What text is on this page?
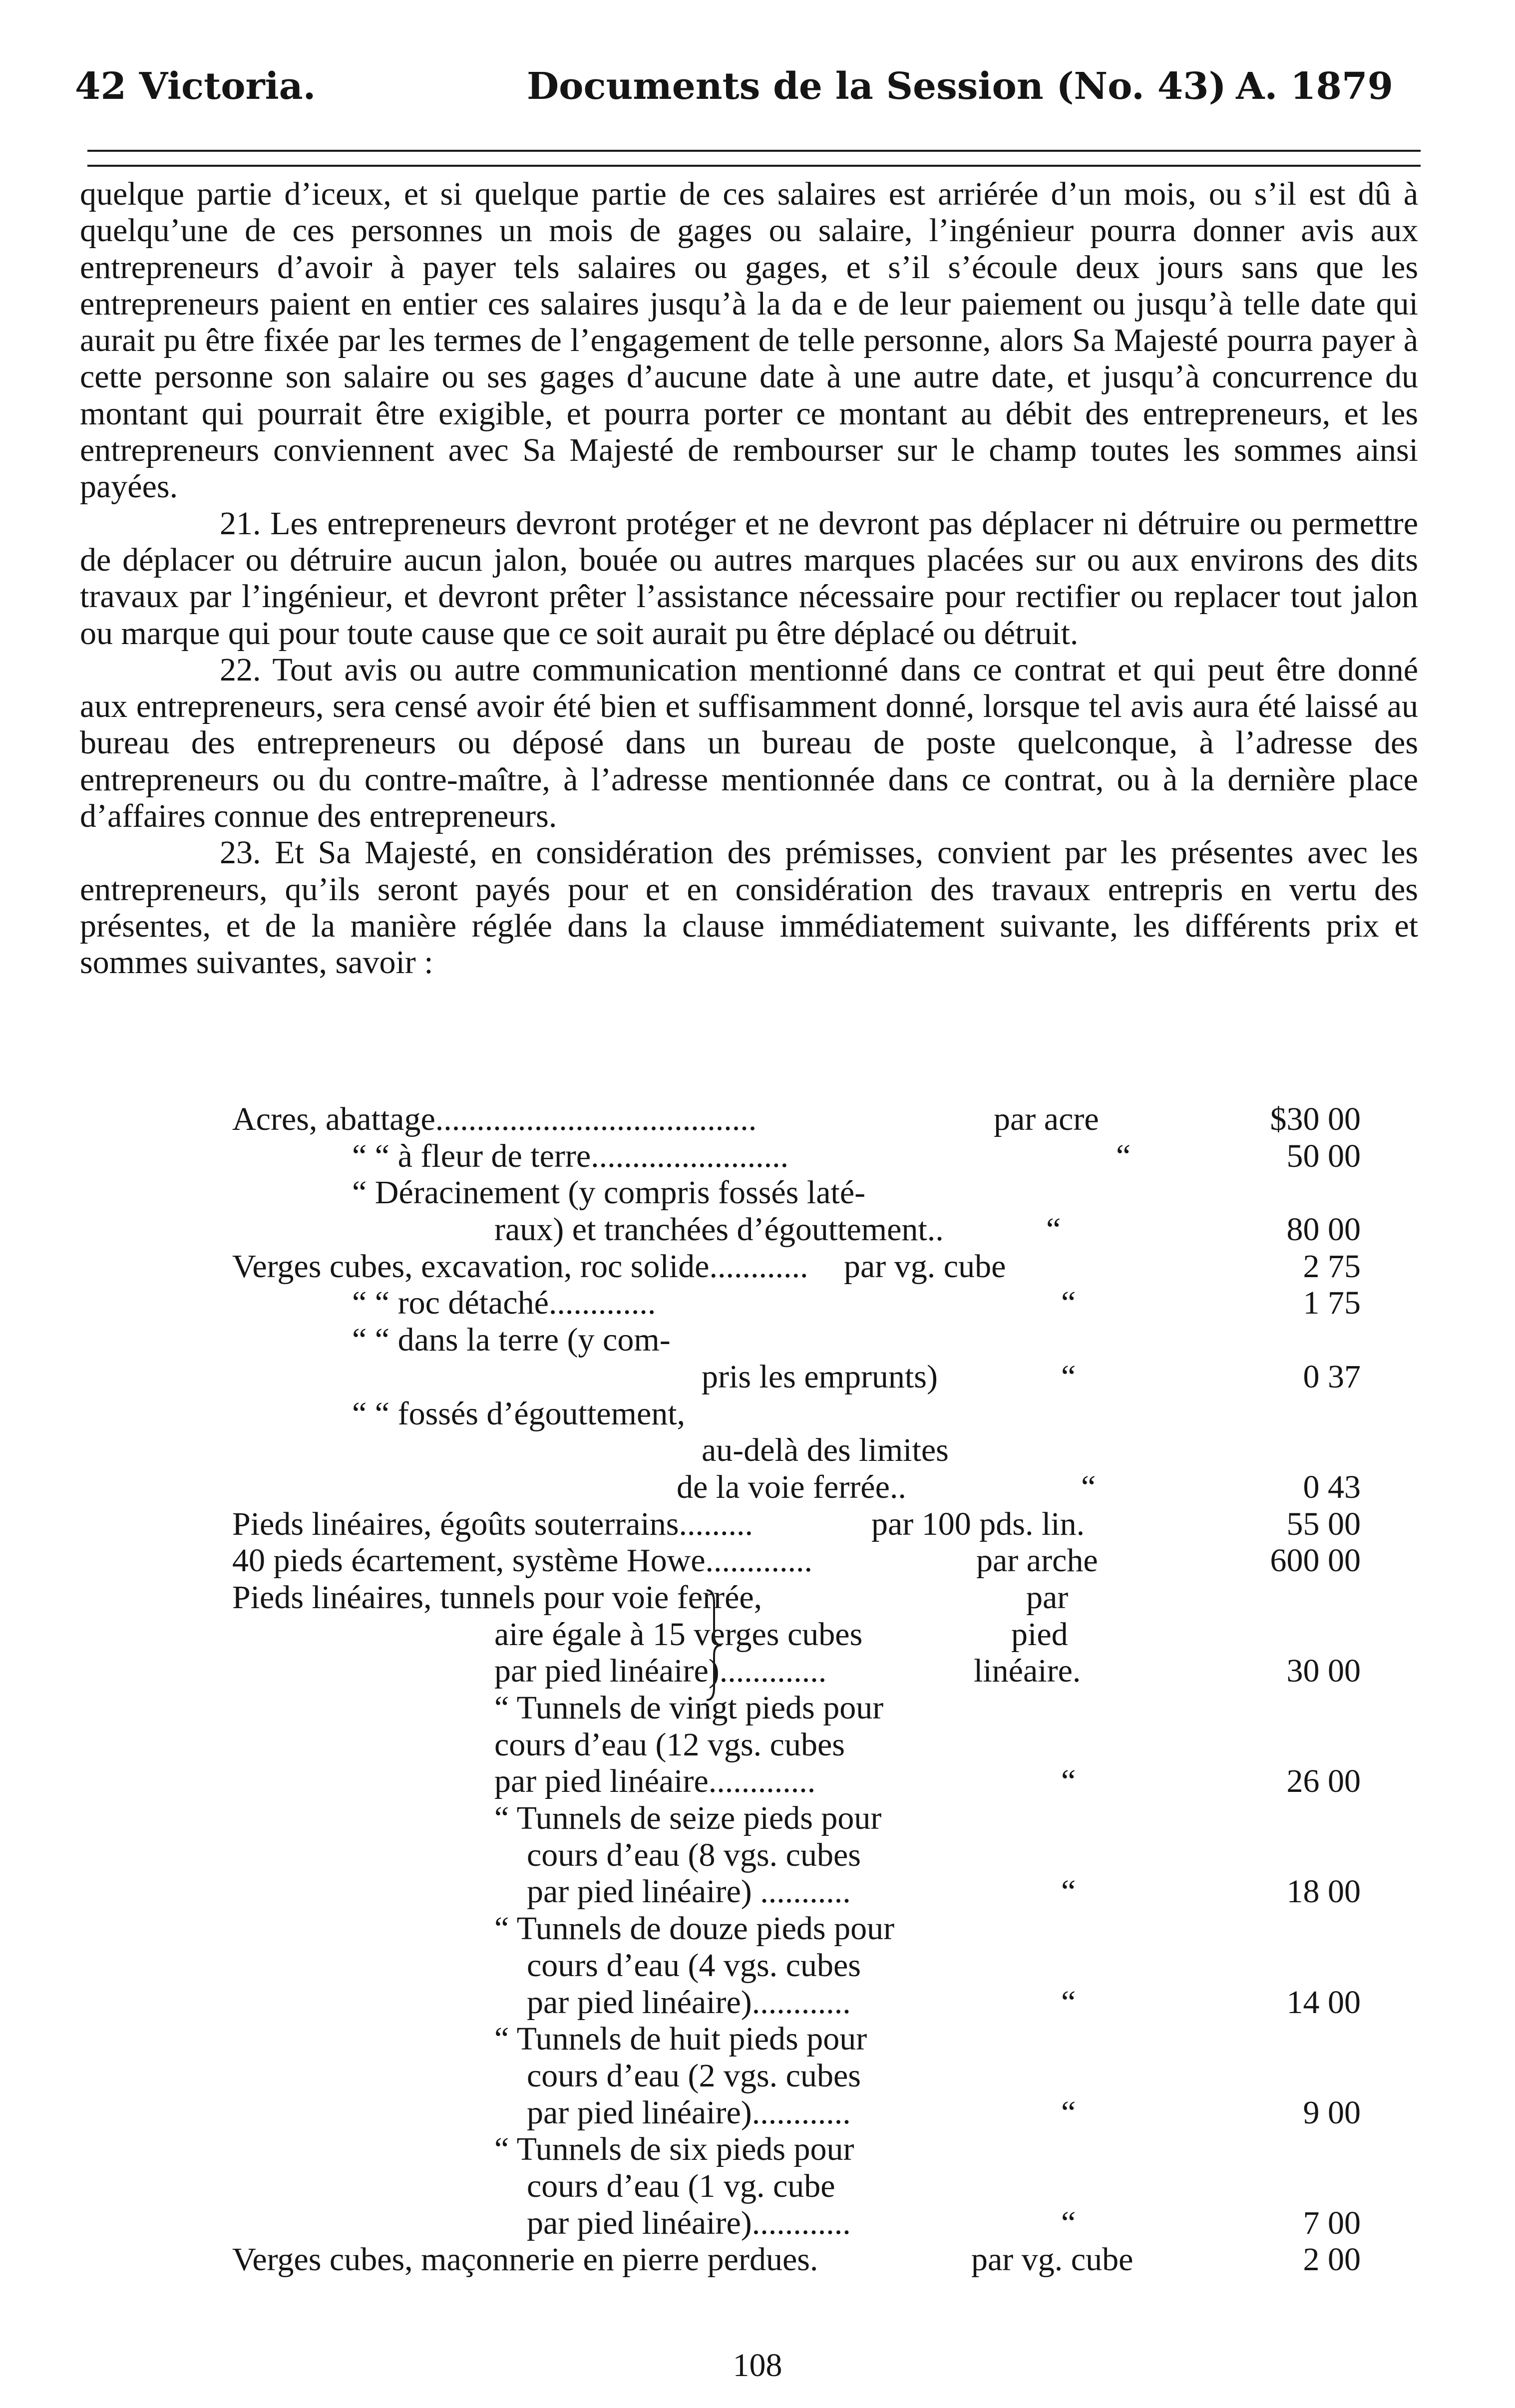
42 Victoria.	Documents de la Session (No. 43) A. 1879

quelque partie d’iceux, et si quelque partie de ces salaires est arriérée d’un mois, ou s’il est dû à quelqu’une de ces personnes un mois de gages ou salaire, l’ingénieur pourra donner avis aux entrepreneurs d’avoir à payer tels salaires ou gages, et s’il s’écoule deux jours sans que les entrepreneurs paient en entier ces salaires jusqu’à la da e de leur paiement ou jusqu’à telle date qui aurait pu être fixée par les termes de l’engagement de telle personne, alors Sa Majesté pourra payer à cette personne son salaire ou ses gages d’aucune date à une autre date, et jusqu’à concurrence du montant qui pourrait être exigible, et pourra porter ce montant au débit des entrepreneurs, et les entrepreneurs conviennent avec Sa Majesté de rembourser sur le champ toutes les sommes ainsi payées.

21. Les entrepreneurs devront protéger et ne devront pas déplacer ni détruire ou permettre de déplacer ou détruire aucun jalon, bouée ou autres marques placées sur ou aux environs des dits travaux par l’ingénieur, et devront prêter l’assistance nécessaire pour rectifier ou replacer tout jalon ou marque qui pour toute cause que ce soit aurait pu être déplacé ou détruit.

22. Tout avis ou autre communication mentionné dans ce contrat et qui peut être donné aux entrepreneurs, sera censé avoir été bien et suffisamment donné, lorsque tel avis aura été laissé au bureau des entrepreneurs ou déposé dans un bureau de poste quelconque, à l’adresse des entrepreneurs ou du contre-maître, à l’adresse mentionnée dans ce contrat, ou à la dernière place d’affaires connue des entrepreneurs.

23. Et Sa Majesté, en considération des prémisses, convient par les présentes avec les entrepreneurs, qu’ils seront payés pour et en considération des travaux entrepris en vertu des présentes, et de la manière réglée dans la clause immédiatement suivante, les différents prix et sommes suivantes, savoir :

Acres, abattage.......................................	par acre	$30 00
“ “ à fleur de terre........................	“	50 00
“ Déracinement (y compris fossés laté-
raux) et tranchées d’égouttement..	“	80 00
Verges cubes, excavation, roc solide............ par vg. cube	2 75
“ “ roc détaché.............	“	1 75
“ “ dans la terre (y com-
pris les emprunts)	“	0 37
“ “ fossés d’égouttement,
au-delà des limites
de la voie ferrée..	“	0 43
Pieds linéaires, égoûts souterrains.........	par 100 pds. lin.	55 00
40 pieds écartement, système Howe.............	par arche	600 00
Pieds linéaires, tunnels pour voie ferrée,	par
aire égale à 15 verges cubes	pied
par pied linéaire).............	linéaire.	30 00
“ Tunnels de vingt pieds pour
cours d’eau (12 vgs. cubes
par pied linéaire.............	“	26 00
“ Tunnels de seize pieds pour
cours d’eau (8 vgs. cubes
par pied linéaire) ...........	“	18 00
“ Tunnels de douze pieds pour
cours d’eau (4 vgs. cubes
par pied linéaire)............	“	14 00
“ Tunnels de huit pieds pour
cours d’eau (2 vgs. cubes
par pied linéaire)............	“	9 00
“ Tunnels de six pieds pour
cours d’eau (1 vg. cube
par pied linéaire)............	“	7 00
Verges cubes, maçonnerie en pierre perdues.	par vg. cube	2 00
108
